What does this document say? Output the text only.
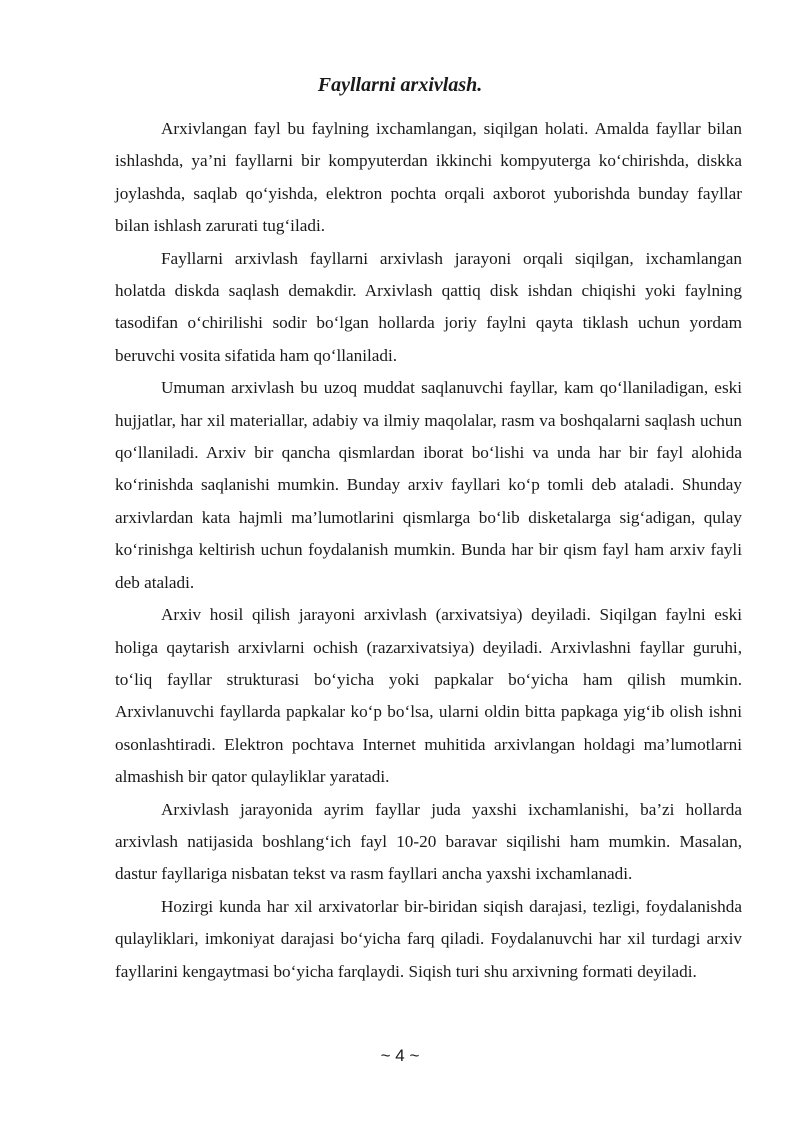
Fayllarni arxivlash.

Arxivlangan fayl bu faylning ixchamlangan, siqilgan holati. Amalda fayllar bilan ishlashda, ya’ni fayllarni bir kompyuterdan ikkinchi kompyuterga ko‘chirishda, diskka joylashda, saqlab qo‘yishda, elektron pochta orqali axborot yuborishda bunday fayllar bilan ishlash zarurati tug‘iladi.

Fayllarni arxivlash fayllarni arxivlash jarayoni orqali siqilgan, ixchamlangan holatda diskda saqlash demakdir. Arxivlash qattiq disk ishdan chiqishi yoki faylning tasodifan o‘chirilishi sodir bo‘lgan hollarda joriy faylni qayta tiklash uchun yordam beruvchi vosita sifatida ham qo‘llaniladi.

Umuman arxivlash bu uzoq muddat saqlanuvchi fayllar, kam qo‘llaniladigan, eski hujjatlar, har xil materiallar, adabiy va ilmiy maqolalar, rasm va boshqalarni saqlash uchun qo‘llaniladi. Arxiv bir qancha qismlardan iborat bo‘lishi va unda har bir fayl alohida ko‘rinishda saqlanishi mumkin. Bunday arxiv fayllari ko‘p tomli deb ataladi. Shunday arxivlardan kata hajmli ma’lumotlarini qismlarga bo‘lib disketalarga sig‘adigan, qulay ko‘rinishga keltirish uchun foydalanish mumkin. Bunda har bir qism fayl ham arxiv fayli deb ataladi.

Arxiv hosil qilish jarayoni arxivlash (arxivatsiya) deyiladi. Siqilgan faylni eski holiga qaytarish arxivlarni ochish (razarxivatsiya) deyiladi. Arxivlashni fayllar guruhi, to‘liq fayllar strukturasi bo‘yicha yoki papkalar bo‘yicha ham qilish mumkin. Arxivlanuvchi fayllarda papkalar ko‘p bo‘lsa, ularni oldin bitta papkaga yig‘ib olish ishni osonlashtiradi. Elektron pochtava Internet muhitida arxivlangan holdagi ma’lumotlarni almashish bir qator qulayliklar yaratadi.

Arxivlash jarayonida ayrim fayllar juda yaxshi ixchamlanishi, ba’zi hollarda arxivlash natijasida boshlang‘ich fayl 10-20 baravar siqilishi ham mumkin. Masalan, dastur fayllariga nisbatan tekst va rasm fayllari ancha yaxshi ixchamlanadi.

Hozirgi kunda har xil arxivatorlar bir-biridan siqish darajasi, tezligi, foydalanishda qulayliklari, imkoniyat darajasi bo‘yicha farq qiladi. Foydalanuvchi har xil turdagi arxiv fayllarini kengaytmasi bo‘yicha farqlaydi. Siqish turi shu arxivning formati deyiladi.

~ 4 ~
